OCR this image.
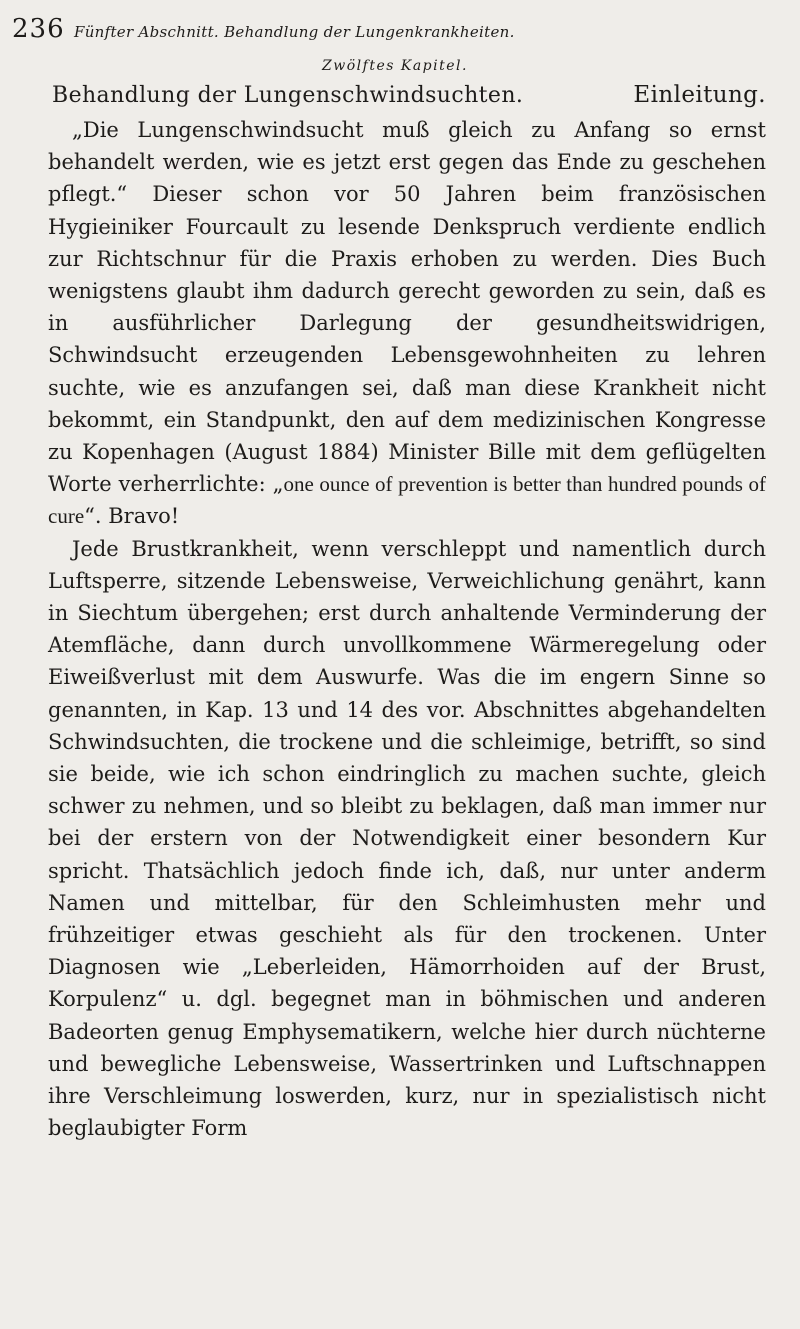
236 Fünfter Abschnitt. Behandlung der Lungenkrankheiten.
Zwölftes Kapitel.
Behandlung der Lungenschwindsuchten.	Einleitung.

„Die Lungenschwindsucht muß gleich zu Anfang so ernst behandelt werden, wie es jetzt erst gegen das Ende zu geschehen pflegt.“ Dieser schon vor 50 Jahren beim französischen Hygieiniker Fourcault zu lesende Denkspruch verdiente endlich zur Richtschnur für die Praxis erhoben zu werden. Dies Buch wenigstens glaubt ihm dadurch gerecht geworden zu sein, daß es in ausführlicher Darlegung der gesundheitswidrigen, Schwindsucht erzeugenden Lebensgewohnheiten zu lehren suchte, wie es anzufangen sei, daß man diese Krankheit nicht bekommt, ein Standpunkt, den auf dem medizinischen Kongresse zu Kopenhagen (August 1884) Minister Bille mit dem geflügelten Worte verherrlichte: „one ounce of prevention is better than hundred pounds of cure“. Bravo!

Jede Brustkrankheit, wenn verschleppt und namentlich durch Luftsperre, sitzende Lebensweise, Verweichlichung genährt, kann in Siechtum übergehen; erst durch anhaltende Verminderung der Atemfläche, dann durch unvollkommene Wärmeregelung oder Eiweißverlust mit dem Auswurfe. Was die im engern Sinne so genannten, in Kap. 13 und 14 des vor. Abschnittes abgehandelten Schwindsuchten, die trockene und die schleimige, betrifft, so sind sie beide, wie ich schon eindringlich zu machen suchte, gleich schwer zu nehmen, und so bleibt zu beklagen, daß man immer nur bei der erstern von der Notwendigkeit einer besondern Kur spricht. Thatsächlich jedoch finde ich, daß, nur unter anderm Namen und mittelbar, für den Schleimhusten mehr und frühzeitiger etwas geschieht als für den trockenen. Unter Diagnosen wie „Leberleiden, Hämorrhoiden auf der Brust, Korpulenz“ u. dgl. begegnet man in böhmischen und anderen Badeorten genug Emphysematikern, welche hier durch nüchterne und bewegliche Lebensweise, Wassertrinken und Luftschnappen ihre Verschleimung loswerden, kurz, nur in spezialistisch nicht beglaubigter Form
